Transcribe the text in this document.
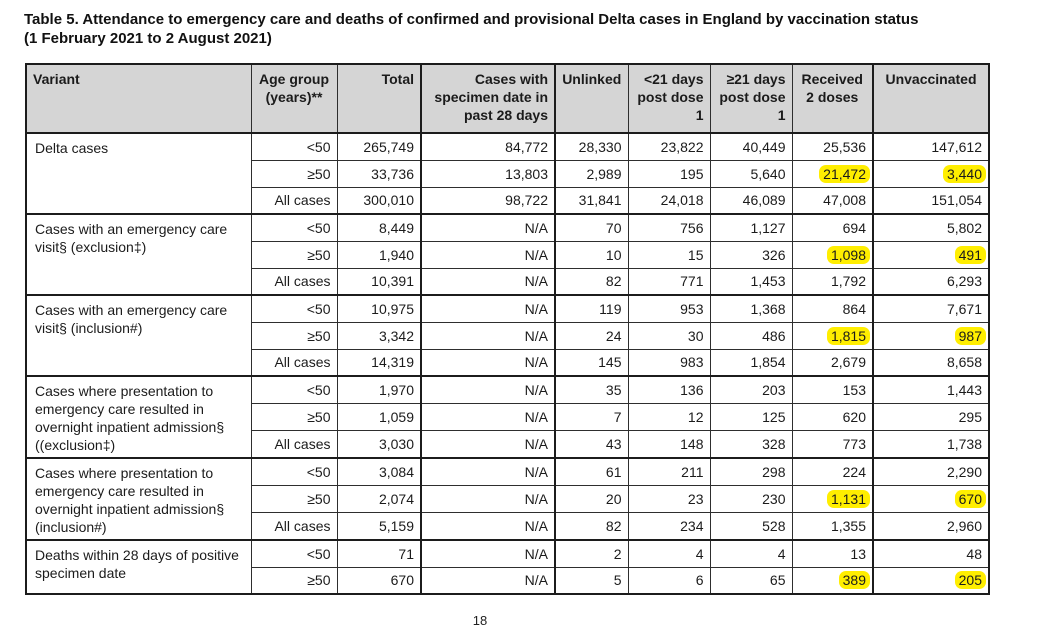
Table 5. Attendance to emergency care and deaths of confirmed and provisional Delta cases in England by vaccination status
(1 February 2021 to 2 August 2021)
Variant	Age group (years)**	Total	Cases with specimen date in past 28 days	Unlinked	<21 days post dose 1	≥21 days post dose 1	Received 2 doses	Unvaccinated
Delta cases	<50	265,749	84,772	28,330	23,822	40,449	25,536	147,612
	≥50	33,736	13,803	2,989	195	5,640	21,472	3,440
	All cases	300,010	98,722	31,841	24,018	46,089	47,008	151,054
Cases with an emergency care visit§ (exclusion‡)	<50	8,449	N/A	70	756	1,127	694	5,802
	≥50	1,940	N/A	10	15	326	1,098	491
	All cases	10,391	N/A	82	771	1,453	1,792	6,293
Cases with an emergency care visit§ (inclusion#)	<50	10,975	N/A	119	953	1,368	864	7,671
	≥50	3,342	N/A	24	30	486	1,815	987
	All cases	14,319	N/A	145	983	1,854	2,679	8,658
Cases where presentation to emergency care resulted in overnight inpatient admission§ ((exclusion‡)	<50	1,970	N/A	35	136	203	153	1,443
	≥50	1,059	N/A	7	12	125	620	295
	All cases	3,030	N/A	43	148	328	773	1,738
Cases where presentation to emergency care resulted in overnight inpatient admission§ (inclusion#)	<50	3,084	N/A	61	211	298	224	2,290
	≥50	2,074	N/A	20	23	230	1,131	670
	All cases	5,159	N/A	82	234	528	1,355	2,960
Deaths within 28 days of positive specimen date	<50	71	N/A	2	4	4	13	48
	≥50	670	N/A	5	6	65	389	205
18
